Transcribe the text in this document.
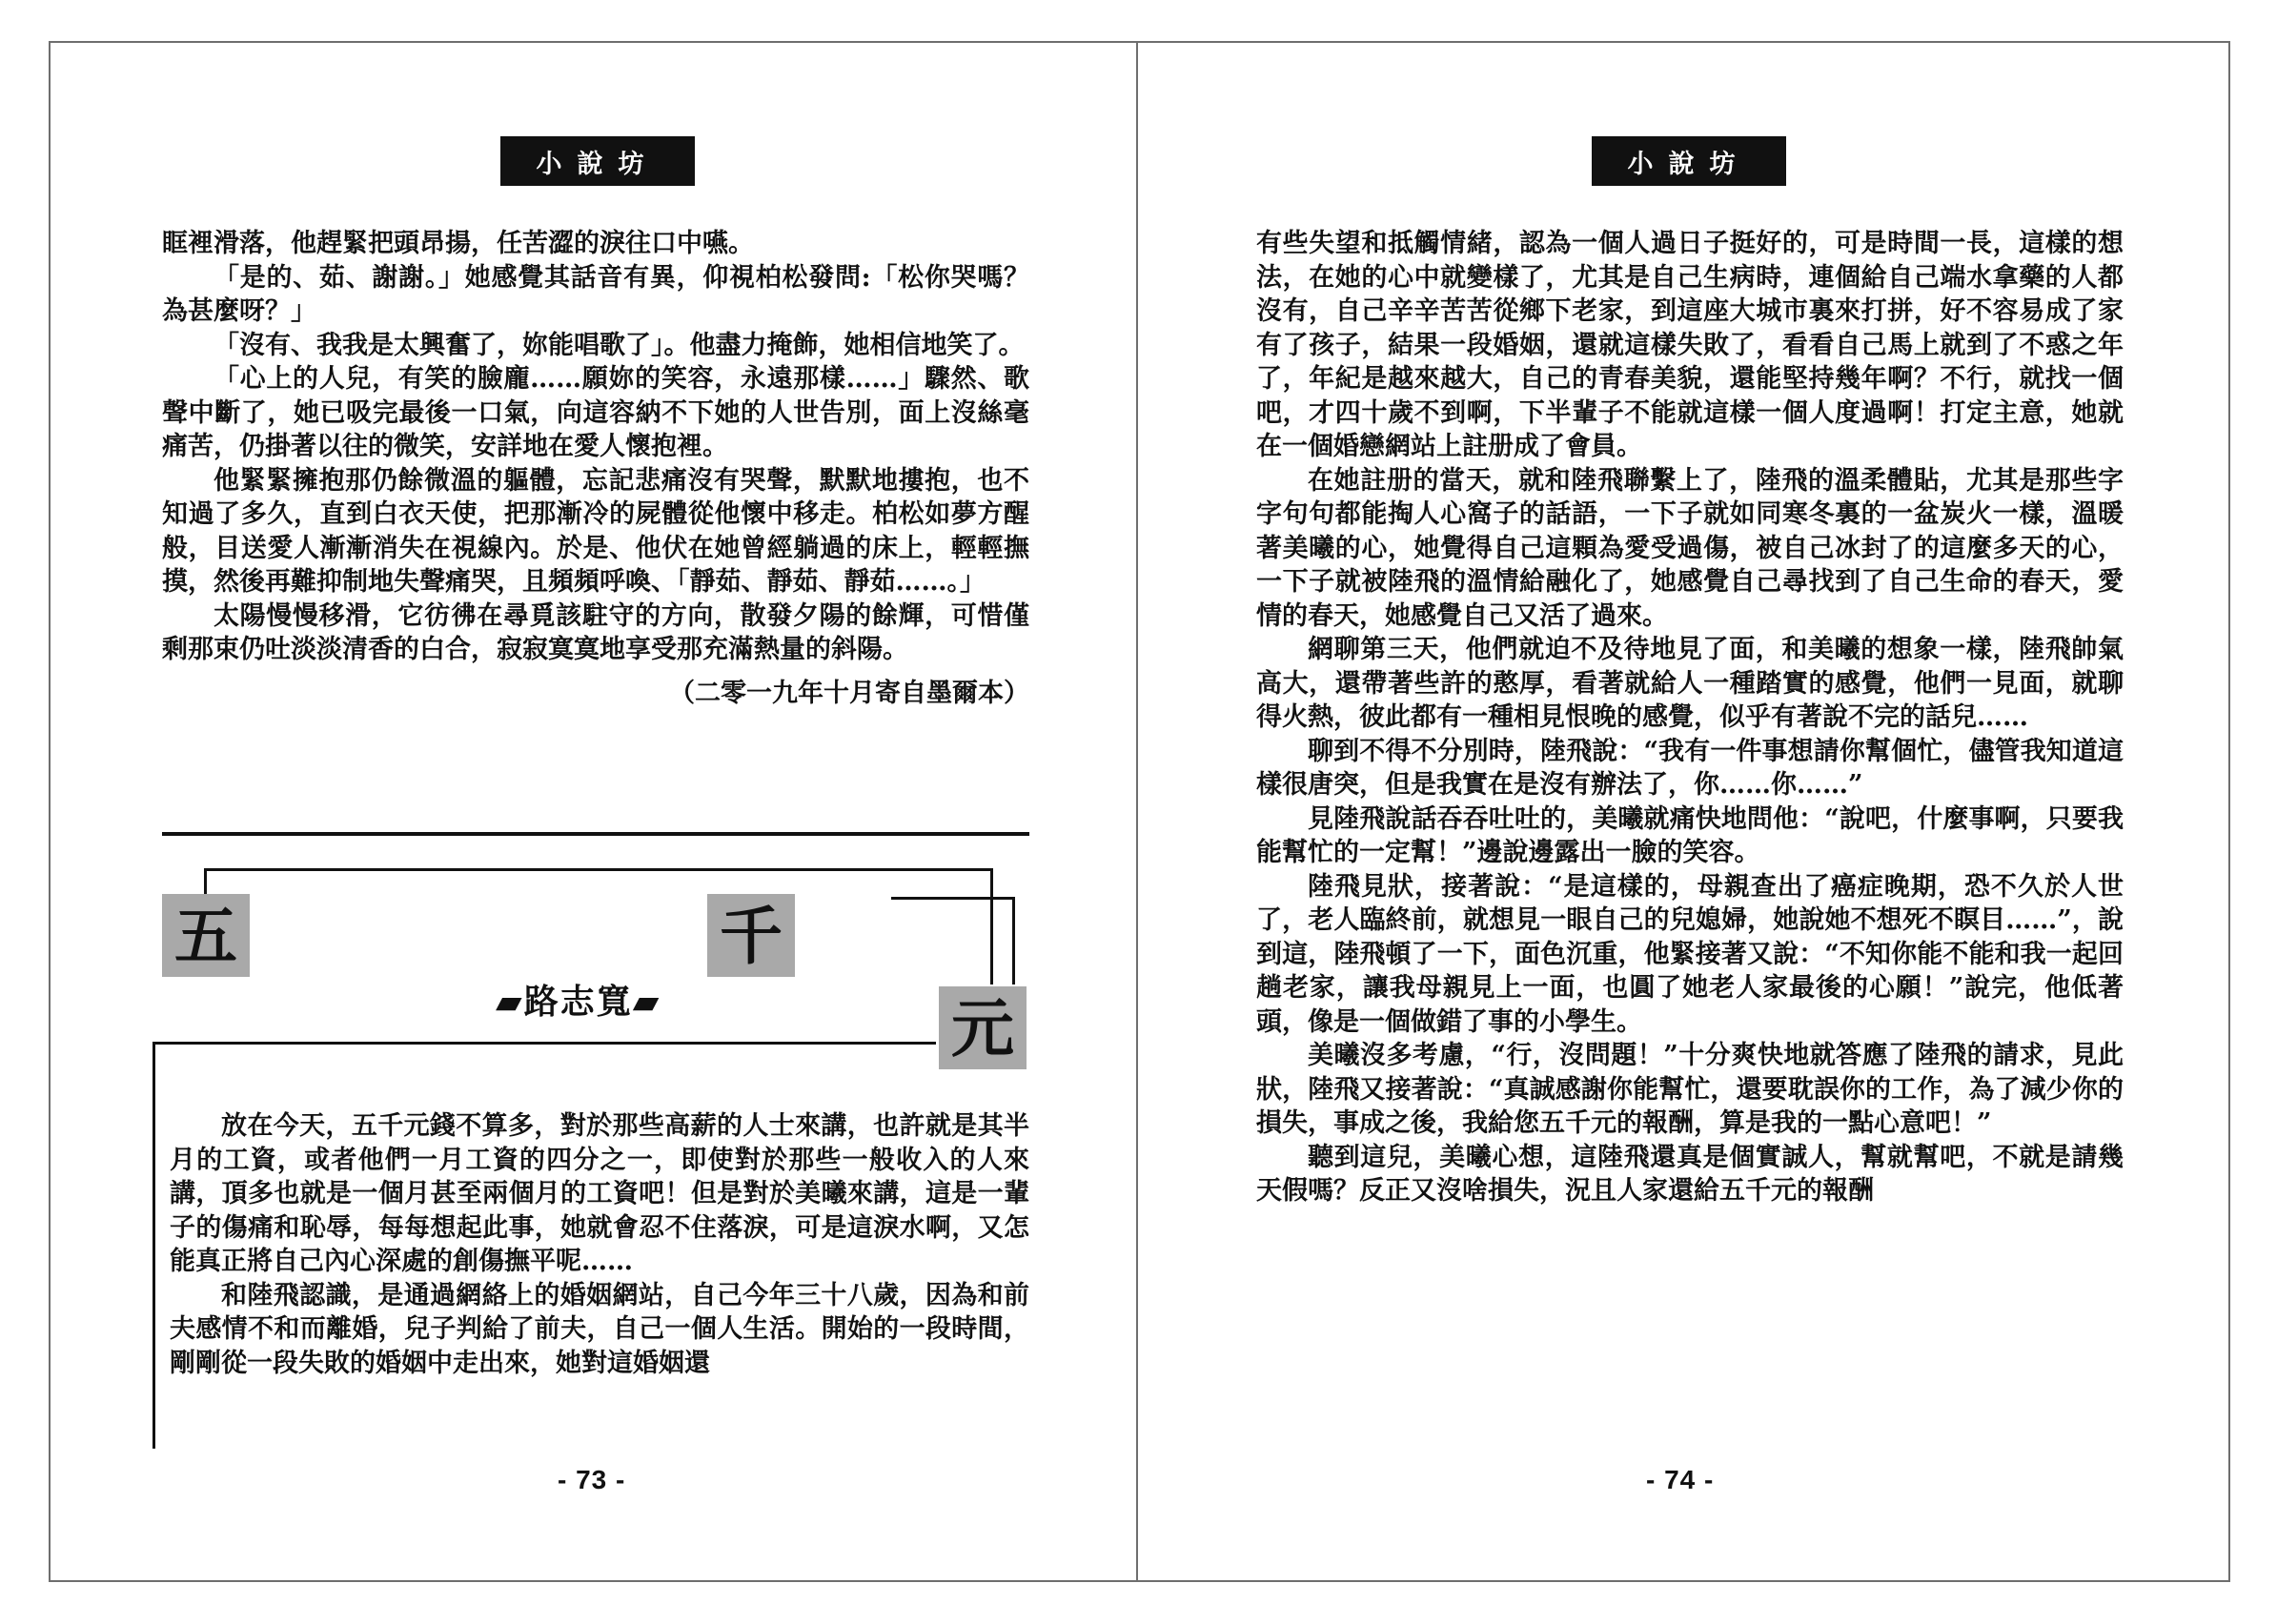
小說坊

眶裡滑落，他趕緊把頭昂揚，任苦澀的淚往口中嚥。

「是的、茹、謝謝。」她感覺其話音有異，仰視柏松發問:「松你哭嗎？為甚麼呀？」

「沒有、我我是太興奮了，妳能唱歌了」。他盡力掩飾，她相信地笑了。

「心上的人兒，有笑的臉龐……願妳的笑容，永遠那樣……」驟然、歌聲中斷了，她已吸完最後一口氣，向這容納不下她的人世告別，面上沒絲毫痛苦，仍掛著以往的微笑，安詳地在愛人懷抱裡。

他緊緊擁抱那仍餘微溫的軀體，忘記悲痛沒有哭聲，默默地摟抱，也不知過了多久，直到白衣天使，把那漸冷的屍體從他懷中移走。柏松如夢方醒般，目送愛人漸漸消失在視線內。於是、他伏在她曾經躺過的床上，輕輕撫摸，然後再難抑制地失聲痛哭，且頻頻呼喚、「靜茹、靜茹、靜茹……。」

太陽慢慢移滑，它彷彿在尋覓該駐守的方向，散發夕陽的餘輝，可惜僅剩那束仍吐淡淡清香的白合，寂寂寞寞地享受那充滿熱量的斜陽。

（二零一九年十月寄自墨爾本）

五	千
元
▰路志寬▰

放在今天，五千元錢不算多，對於那些高薪的人士來講，也許就是其半月的工資，或者他們一月工資的四分之一，即使對於那些一般收入的人來講，頂多也就是一個月甚至兩個月的工資吧！但是對於美曦來講，這是一輩子的傷痛和恥辱，每每想起此事，她就會忍不住落淚，可是這淚水啊，又怎能真正將自己內心深處的創傷撫平呢……

和陸飛認識，是通過網絡上的婚姻網站，自己今年三十八歲，因為和前夫感情不和而離婚，兒子判給了前夫，自己一個人生活。開始的一段時間，剛剛從一段失敗的婚姻中走出來，她對這婚姻還

- 73 -
小說坊

有些失望和抵觸情緒，認為一個人過日子挺好的，可是時間一長，這樣的想法，在她的心中就變樣了，尤其是自己生病時，連個給自己端水拿藥的人都沒有，自己辛辛苦苦從鄉下老家，到這座大城市裏來打拼，好不容易成了家有了孩子，結果一段婚姻，還就這樣失敗了，看看自己馬上就到了不惑之年了，年紀是越來越大，自己的青春美貌，還能堅持幾年啊？不行，就找一個吧，才四十歲不到啊，下半輩子不能就這樣一個人度過啊！打定主意，她就在一個婚戀網站上註册成了會員。

在她註册的當天，就和陸飛聯繫上了，陸飛的溫柔體貼，尤其是那些字字句句都能掏人心窩子的話語，一下子就如同寒冬裏的一盆炭火一樣，溫暖著美曦的心，她覺得自己這顆為愛受過傷，被自己冰封了的這麼多天的心，一下子就被陸飛的溫情給融化了，她感覺自己尋找到了自己生命的春天，愛情的春天，她感覺自己又活了過來。

網聊第三天，他們就迫不及待地見了面，和美曦的想象一樣，陸飛帥氣高大，還帶著些許的憨厚，看著就給人一種踏實的感覺，他們一見面，就聊得火熱，彼此都有一種相見恨晚的感覺，似乎有著說不完的話兒……

聊到不得不分別時，陸飛說：“我有一件事想請你幫個忙，儘管我知道這樣很唐突，但是我實在是沒有辦法了，你……你……”

見陸飛說話吞吞吐吐的，美曦就痛快地問他：“說吧，什麼事啊，只要我能幫忙的一定幫！”邊說邊露出一臉的笑容。

陸飛見狀，接著說：“是這樣的，母親查出了癌症晚期，恐不久於人世了，老人臨終前，就想見一眼自己的兒媳婦，她說她不想死不瞑目……”，說到這，陸飛頓了一下，面色沉重，他緊接著又說：“不知你能不能和我一起回趟老家，讓我母親見上一面，也圓了她老人家最後的心願！”說完，他低著頭，像是一個做錯了事的小學生。

美曦沒多考慮，“行，沒問題！”十分爽快地就答應了陸飛的請求，見此狀，陸飛又接著說：“真誠感謝你能幫忙，還要耽誤你的工作，為了減少你的損失，事成之後，我給您五千元的報酬，算是我的一點心意吧！”

聽到這兒，美曦心想，這陸飛還真是個實誠人，幫就幫吧，不就是請幾天假嗎？反正又沒啥損失，況且人家還給五千元的報酬

- 74 -
